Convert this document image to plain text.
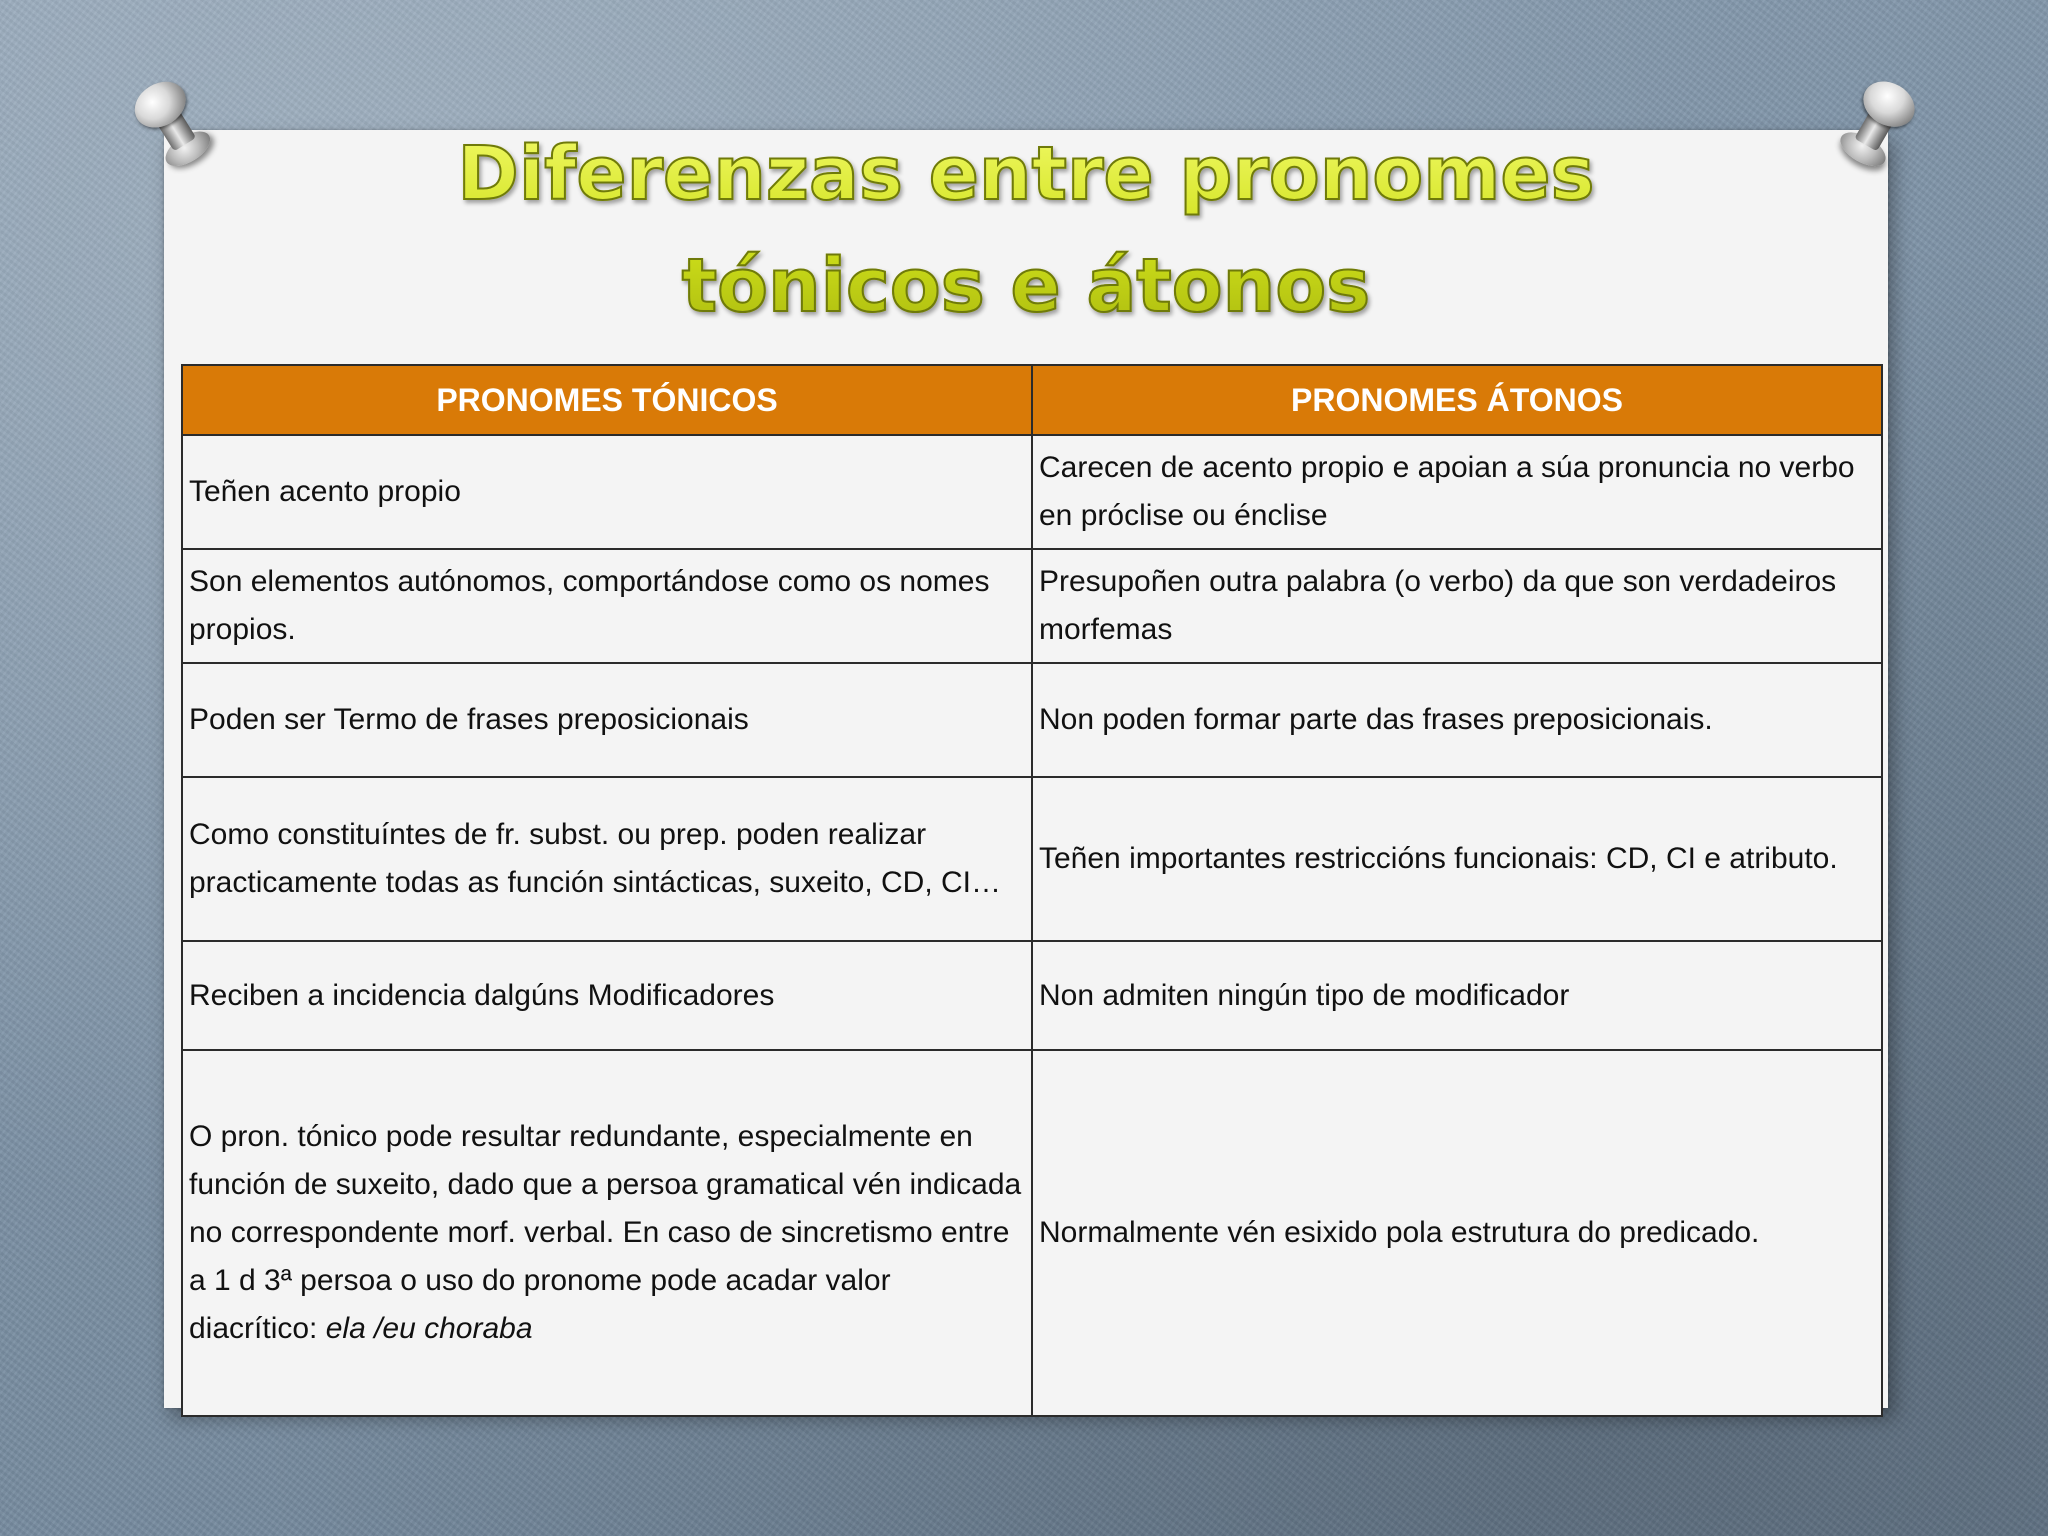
Diferenzas entre pronomes
tónicos e átonos
PRONOMES TÓNICOS	PRONOMES ÁTONOS
Teñen acento propio	Carecen de acento propio e apoian a súa pronuncia no verbo en próclise ou énclise
Son elementos autónomos, comportándose como os nomes propios.	Presupoñen outra palabra (o verbo) da que son verdadeiros morfemas
Poden ser Termo de frases preposicionais	Non poden formar parte das frases preposicionais.
Como constituíntes de fr. subst. ou prep. poden realizar practicamente todas as función sintácticas, suxeito, CD, CI…	Teñen importantes restriccións funcionais: CD, CI e atributo.
Reciben a incidencia dalgúns Modificadores	Non admiten ningún tipo de modificador
O pron. tónico pode resultar redundante, especialmente en función de suxeito, dado que a persoa gramatical vén indicada no correspondente morf. verbal. En caso de sincretismo entre a 1 d 3ª persoa o uso do pronome pode acadar valor diacrítico: ela /eu choraba	Normalmente vén esixido pola estrutura do predicado.
